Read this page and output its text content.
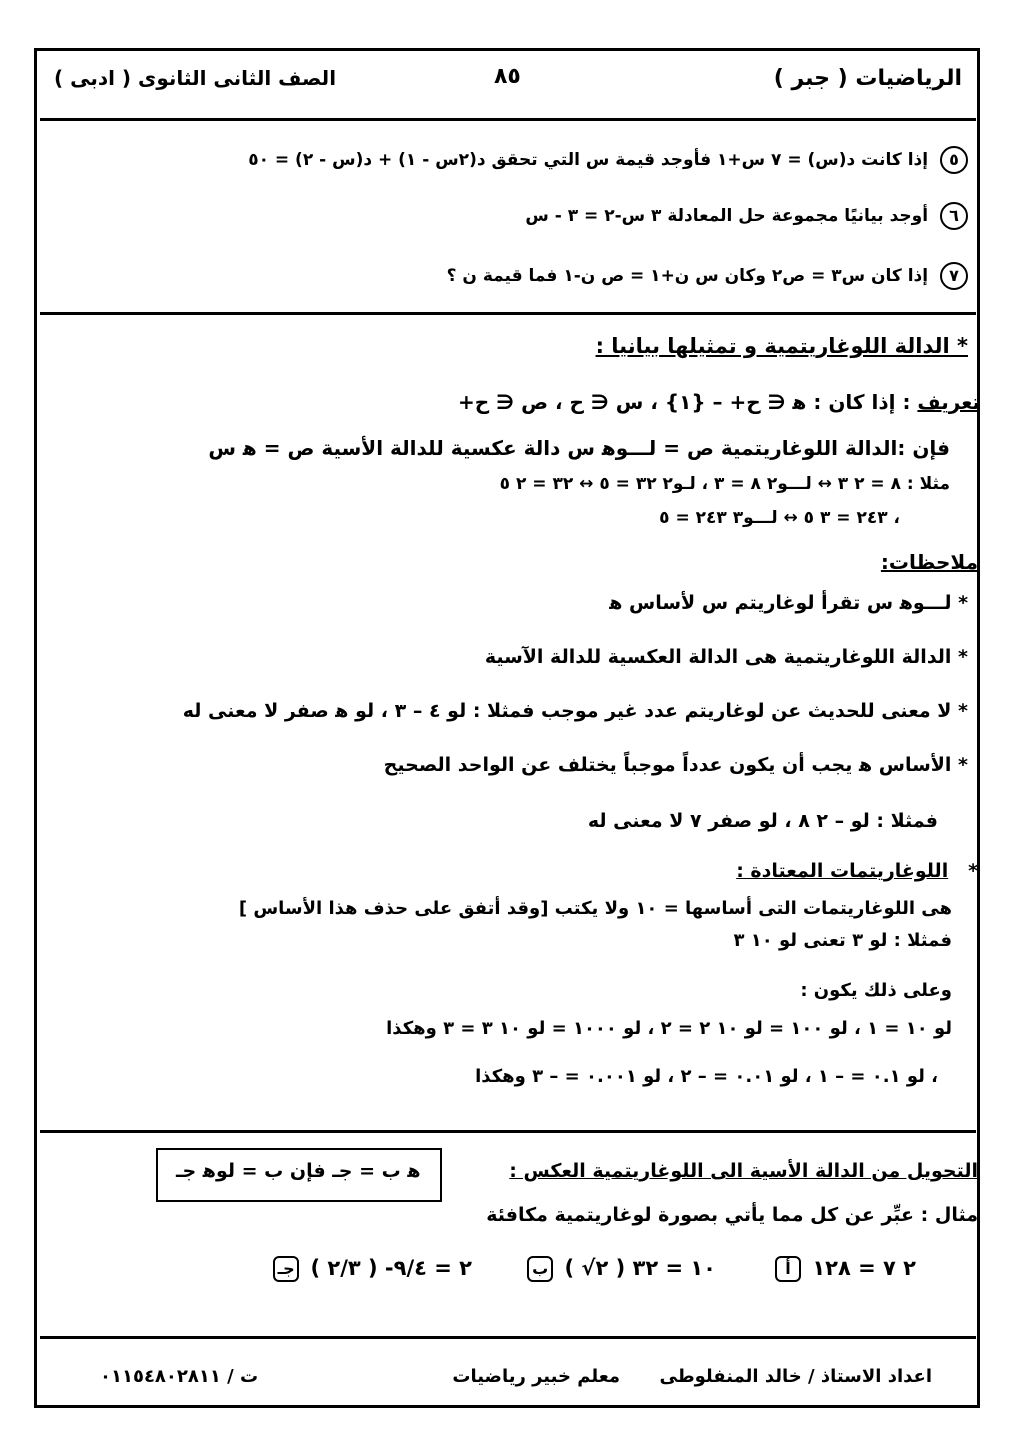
الرياضيات ( جبر )
٨٥
الصف الثانى الثانوى ( ادبى )
٥ إذا كانت د(س) = ٧ س+١ فأوجد قيمة س التي تحقق د(٢س - ١) + د(س - ٢) = ٥٠
٦ أوجد بيانيًا مجموعة حل المعادلة ٣ س-٢ = ٣ - س
٧ إذا كان س٣ = ص٢ وكان س ن+١ = ص ن-١ فما قيمة ن ؟
* الدالة اللوغاريتمية و تمثيلها بيانيا :
تعريف : إذا كان : ﻫ ∈ ح+ – {١} ، س ∈ ح ، ص ∈ ح+
فإن :الدالة اللوغاريتمية ص = لـــوﻫ س دالة عكسية للدالة الأسية ص = ﻫ س
مثلا : ٨ = ٢ ٣ ↔ لـــو٢ ٨ = ٣ ، لـو٢ ٣٢ = ٥ ↔ ٣٢ = ٢ ٥
، ٢٤٣ = ٣ ٥ ↔ لـــو٣ ٢٤٣ = ٥
ملاحظات:
* لـــوﻫ س تقرأ لوغاريتم س لأساس ﻫ
* الدالة اللوغاريتمية هى الدالة العكسية للدالة الآسية
* لا معنى للحديث عن لوغاريتم عدد غير موجب فمثلا : لو ٤ – ٣ ، لو ﻫ صفر لا معنى له
* الأساس ﻫ يجب أن يكون عدداً موجباً يختلف عن الواحد الصحيح
فمثلا : لو – ٢ ٨ ، لو صفر ٧ لا معنى له
*   اللوغاريتمات المعتادة :
هى اللوغاريتمات التى أساسها = ١٠ ولا يكتب [وقد أتفق على حذف هذا الأساس ]
فمثلا : لو ٣ تعنى لو ١٠ ٣
وعلى ذلك يكون :
لو ١٠ = ١ ، لو ١٠٠ = لو ١٠ ٢ = ٢ ، لو ١٠٠٠ = لو ١٠ ٣ = ٣ وهكذا
، لو ٠.١ = – ١ ، لو ٠.٠١ = – ٢ ، لو ٠.٠٠١ = – ٣ وهكذا
التحويل من الدالة الأسية الى اللوغاريتمية العكس :
ﻫ ب = جـ فإن ب = لوﻫ جـ
مثال : عبِّر عن كل مما يأتي بصورة لوغاريتمية مكافئة
أ ٢ ٧ = ١٢٨
ب ( √٢ ) ١٠ = ٣٢
جـ ( ٢/٣ ) -٢ = ٩/٤
اعداد الاستاذ / خالد المنفلوطى
معلم خبير رياضيات
ت / ٠١١٥٤٨٠٢٨١١
